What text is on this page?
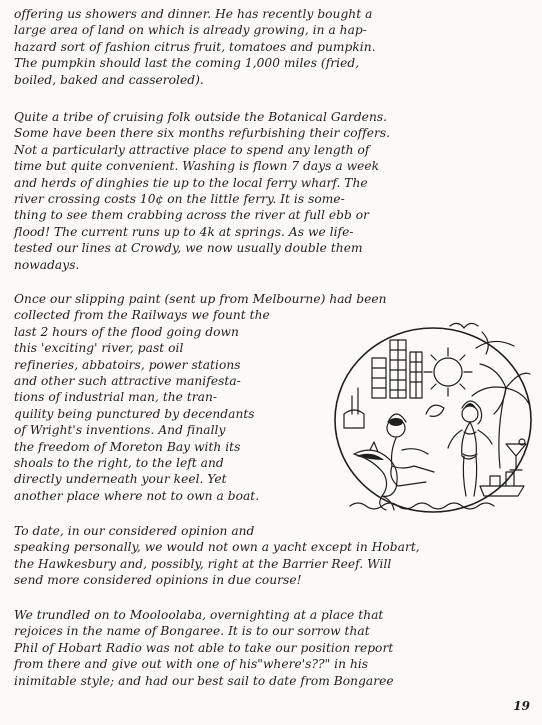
offering us showers and dinner. He has recently bought a
large area of land on which is already growing, in a hap-
hazard sort of fashion citrus fruit, tomatoes and pumpkin.
The pumpkin should last the coming 1,000 miles (fried,
boiled, baked and casseroled).
Quite a tribe of cruising folk outside the Botanical Gardens.
Some have been there six months refurbishing their coffers.
Not a particularly attractive place to spend any length of
time but quite convenient. Washing is flown 7 days a week
and herds of dinghies tie up to the local ferry wharf. The
river crossing costs 10¢ on the little ferry. It is some-
thing to see them crabbing across the river at full ebb or
flood! The current runs up to 4k at springs. As we life-
tested our lines at Crowdy, we now usually double them
nowadays.
Once our slipping paint (sent up from Melbourne) had been
collected from the Railways we fount the
last 2 hours of the flood going down
this 'exciting' river, past oil
refineries, abbatoirs, power stations
and other such attractive manifesta-
tions of industrial man, the tran-
quility being punctured by decendants
of Wright's inventions. And finally
the freedom of Moreton Bay with its
shoals to the right, to the left and
directly underneath your keel. Yet
another place where not to own a boat.
To date, in our considered opinion and
speaking personally, we would not own a yacht except in Hobart,
the Hawkesbury and, possibly, right at the Barrier Reef. Will
send more considered opinions in due course!
We trundled on to Mooloolaba, overnighting at a place that
rejoices in the name of Bongaree. It is to our sorrow that
Phil of Hobart Radio was not able to take our position report
from there and give out with one of his"where's??" in his
inimitable style; and had our best sail to date from Bongaree
19
